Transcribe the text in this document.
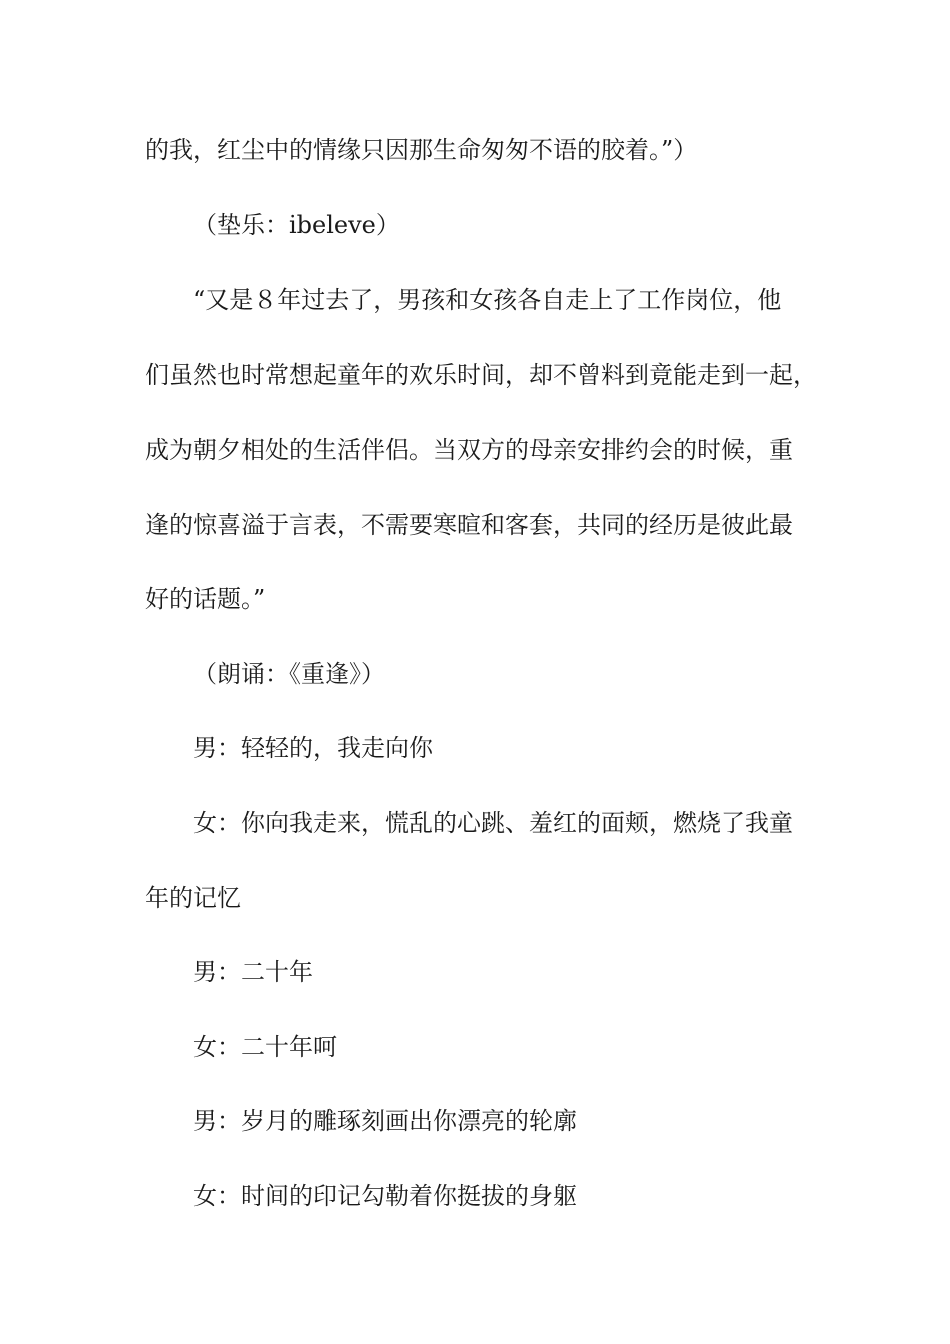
的我，红尘中的情缘只因那生命匆匆不语的胶着。”）
（垫乐：ibeleve）
“又是８年过去了，男孩和女孩各自走上了工作岗位，他
们虽然也时常想起童年的欢乐时间，却不曾料到竟能走到一起，
成为朝夕相处的生活伴侣。当双方的母亲安排约会的时候，重
逢的惊喜溢于言表，不需要寒暄和客套，共同的经历是彼此最
好的话题。”
（朗诵：《重逢》）
男：轻轻的，我走向你
女：你向我走来，慌乱的心跳、羞红的面颊，燃烧了我童
年的记忆
男：二十年
女：二十年呵
男：岁月的雕琢刻画出你漂亮的轮廓
女：时间的印记勾勒着你挺拔的身躯
